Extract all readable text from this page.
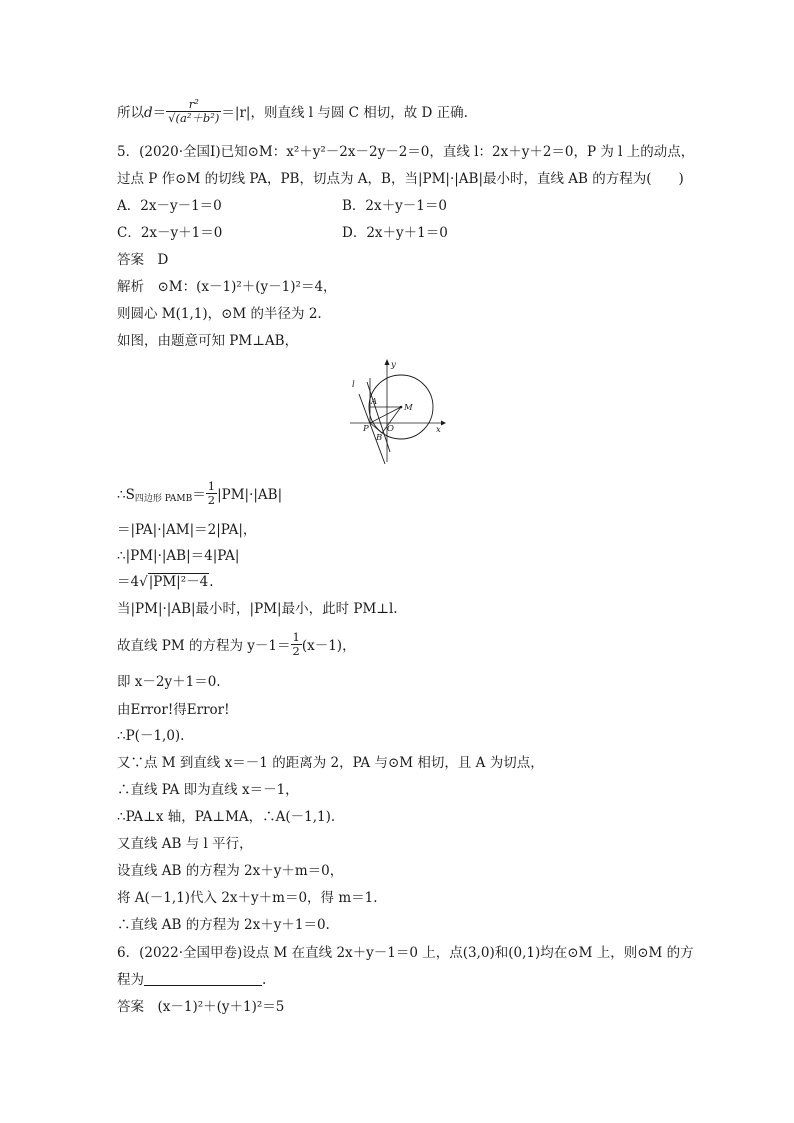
所以$d= \frac{\text{r²}}{\text{√(a²＋b²)}} =|r|$，则直线 l 与圆 C 相切，故 D 正确.
5．(2020·全国Ⅰ)已知⊙M：x²＋y²－2x－2y－2＝0，直线 l：2x＋y＋2＝0，P 为 l 上的动点，
过点 P 作⊙M 的切线 PA，PB，切点为 A，B，当|PM|·|AB|最小时，直线 AB 的方程为(　　)
A．2x－y－1＝0	B．2x＋y－1＝0
C．2x－y＋1＝0	D．2x＋y＋1＝0
答案　D
解析　⊙M：(x－1)²＋(y－1)²＝4，
则圆心 M(1,1)，⊙M 的半径为 2.
如图，由题意可知 PM⊥AB，
y
x
l
A
M
P O
B
$\therefore S_{四边形 PAMB}= \frac{1}{2} |PM|\cdot|AB|$
＝|PA|·|AM|＝2|PA|，
∴|PM|·|AB|＝4|PA|
＝4√|PM|²－4.
当|PM|·|AB|最小时，|PM|最小，此时 PM⊥l.
故直线 PM 的方程为 $y-1= \frac{1}{2} (x-1)$，
即 x－2y＋1＝0.
由Error!得Error!
∴P(－1,0).
又∵点 M 到直线 x＝－1 的距离为 2，PA 与⊙M 相切，且 A 为切点，
∴直线 PA 即为直线 x＝－1，
∴PA⊥x 轴，PA⊥MA，∴A(－1,1).
又直线 AB 与 l 平行，
设直线 AB 的方程为 2x＋y＋m＝0，
将 A(－1,1)代入 2x＋y＋m＝0，得 m＝1.
∴直线 AB 的方程为 2x＋y＋1＝0.
6．(2022·全国甲卷)设点 M 在直线 2x＋y－1＝0 上，点(3,0)和(0,1)均在⊙M 上，则⊙M 的方
程为	.
答案　(x－1)²＋(y＋1)²＝5
